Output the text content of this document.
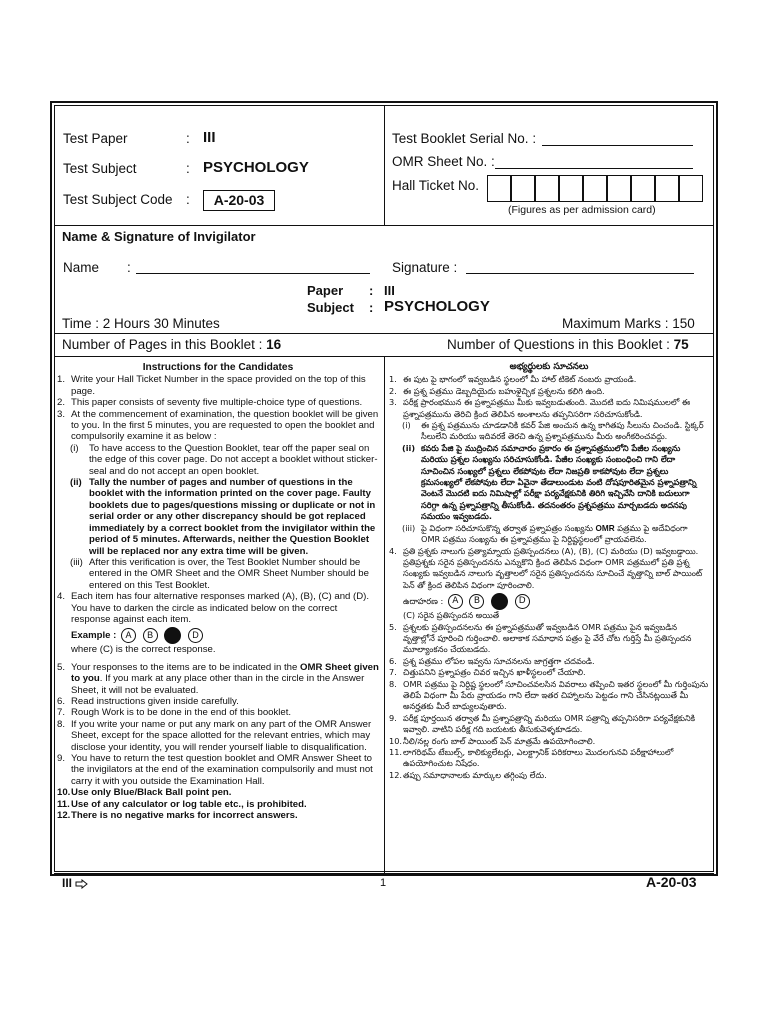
Test Paper	: III
Test Subject	: PSYCHOLOGY
Test Subject Code :	A-20-03
Test Booklet Serial No. :
OMR Sheet No. :
Hall Ticket No.
(Figures as per admission card)
Name & Signature of Invigilator
Name :	Signature :
Paper : III
Subject : PSYCHOLOGY
Time : 2 Hours 30 Minutes	Maximum Marks : 150
Number of Pages in this Booklet : 16	Number of Questions in this Booklet : 75
Instructions for the Candidates
1. Write your Hall Ticket Number in the space provided on the top of this page.
2. This paper consists of seventy five multiple-choice type of questions.
3. At the commencement of examination, the question booklet will be given to you. In the first 5 minutes, you are requested to open the booklet and compulsorily examine it as below :
(i) To have access to the Question Booklet, tear off the paper seal on the edge of this cover page. Do not accept a booklet without sticker-seal and do not accept an open booklet.
(ii) Tally the number of pages and number of questions in the booklet with the information printed on the cover page. Faulty booklets due to pages/questions missing or duplicate or not in serial order or any other discrepancy should be got replaced immediately by a correct booklet from the invigilator within the period of 5 minutes. Afterwards, neither the Question Booklet will be replaced nor any extra time will be given.
(iii) After this verification is over, the Test Booklet Number should be entered in the OMR Sheet and the OMR Sheet Number should be entered on this Test Booklet.
4. Each item has four alternative responses marked (A), (B), (C) and (D). You have to darken the circle as indicated below on the correct response against each item.
Example : A B	D
where (C) is the correct response.
5. Your responses to the items are to be indicated in the OMR Sheet given to you. If you mark at any place other than in the circle in the Answer Sheet, it will not be evaluated.
6. Read instructions given inside carefully.
7. Rough Work is to be done in the end of this booklet.
8. If you write your name or put any mark on any part of the OMR Answer Sheet, except for the space allotted for the relevant entries, which may disclose your identity, you will render yourself liable to disqualification.
9. You have to return the test question booklet and OMR Answer Sheet to the invigilators at the end of the examination compulsorily and must not carry it with you outside the Examination Hall.
10. Use only Blue/Black Ball point pen.
11. Use of any calculator or log table etc., is prohibited.
12. There is no negative marks for incorrect answers.
అభ్యర్థులకు సూచనలు
1. ఈ పుట పై భాగంలో ఇవ్వబడిన స్థలంలో మీ హాల్ టికెట్ నంబరు వ్రాయండి.
2. ఈ ప్రశ్న పత్రము డెబ్బదియైదు బహుళైచ్ఛిక ప్రశ్నలను కలిగి ఉంది.
3. పరీక్ష ప్రారంభమున ఈ ప్రశ్నాపత్రము మీకు ఇవ్వబడుతుంది. మొదటి ఐదు నిమిషములలో ఈ ప్రశ్నాపత్రమును తెరిచి క్రింద తెలిపిన అంశాలను తప్పనిసరిగా సరిచూసుకోండి.
(i) ఈ ప్రశ్న పత్రమును చూడడానికి కవర్ పేజి అంచున ఉన్న కాగితపు సీలును చించండి. స్టిక్కర్ సీలులేని మరియు ఇదివరకే తెరచి ఉన్న ప్రశ్నాపత్రమును మీరు అంగీకరించవద్దు.
(ii) కవరు పేజి పై ముద్రించిన సమాచారం ప్రకారం ఈ ప్రశ్నాపత్రములోని పేజీల సంఖ్యను మరియు ప్రశ్నల సంఖ్యను సరిచూసుకోండి. పేజీల సంఖ్యకు సంబంధించి గాని లేదా సూచించిన సంఖ్యలో ప్రశ్నలు లేకపోవుట లేదా నిజప్రతి కాకపోవుట లేదా ప్రశ్నలు క్రమసంఖ్యలో లేకపోవుట లేదా ఏవైనా తేడాలుండుట వంటి దోషపూరితమైన ప్రశ్నాపత్రాన్ని వెంటనే మొదటి ఐదు నిమిషాల్లో పరీక్షా పర్యవేక్షకునికి తిరిగి ఇచ్చివేసి దానికి బదులుగా సరిగ్గా ఉన్న ప్రశ్నాపత్రాన్ని తీసుకోండి. తదనంతరం ప్రశ్నపత్రము మార్చబడదు అదనపు సమయం ఇవ్వబడదు.
(iii) పై విధంగా సరిచూసుకొన్న తర్వాత ప్రశ్నాపత్రం సంఖ్యను OMR పత్రము పై అదేవిధంగా OMR పత్రము సంఖ్యను ఈ ప్రశ్నాపత్రము పై నిర్దిష్టస్థలంలో వ్రాయవలెను.
4. ప్రతి ప్రశ్నకు నాలుగు ప్రత్యామ్నాయ ప్రతిస్పందనలు (A), (B), (C) మరియు (D) ఇవ్వబడ్డాయి. ప్రతిప్రశ్నకు సరైన ప్రతిస్పందనను ఎన్నుకొని క్రింద తెలిపిన విధంగా OMR పత్రములో ప్రతి ప్రశ్న సంఖ్యకు ఇవ్వబడిన నాలుగు వృత్తాలలో సరైన ప్రతిస్పందనను సూచించే వృత్తాన్ని బాల్ పాయింట్ పెన్ తో క్రింద తెలిపిన విధంగా పూరించాలి.
ఉదాహరణ : A B	D
(C) సరైన ప్రతిస్పందన అయితే
5. ప్రశ్నలకు ప్రతిస్పందనలను ఈ ప్రశ్నాపత్రముతో ఇవ్వబడిన OMR పత్రము పైన ఇవ్వబడిన వృత్తాల్లోనే పూరించి గుర్తించాలి. అలాకాక సమాధాన పత్రం పై వేరే చోట గుర్తిస్తే మీ ప్రతిస్పందన మూల్యాంకనం చేయబడదు.
6. ప్రశ్న పత్రము లోపల ఇవ్వను సూచనలను జాగ్రత్తగా చదవండి.
7. చిత్తుపనిని ప్రశ్నాపత్రం చివర ఇచ్చిన ఖాళీస్థలంలో చేయాలి.
8. OMR పత్రము పై నిర్దిష్ట స్థలంలో సూచించవలసిన వివరాలు తప్పించి ఇతర స్థలంలో మీ గుర్తింపును తెలిపే విధంగా మీ పేరు వ్రాయడం గాని లేదా ఇతర చిహ్నాలను పెట్టడం గాని చేసినట్లయితే మీ అనర్హతకు మీరే బాధ్యులవుతారు.
9. పరీక్ష పూర్తయిన తర్వాత మీ ప్రశ్నాపత్రాన్ని మరియు OMR పత్రాన్ని తప్పనిసరిగా పర్యవేక్షకునికి ఇవ్వాలి. వాటిని పరీక్ష గది బయటకు తీసుకువెళ్ళకూడదు.
10. నీలి/నల్ల రంగు బాల్ పాయింట్ పెన్ మాత్రమే ఉపయోగించాలి.
11. లాగరిథమ్ టేబుల్స్, కాలిక్యులేటర్లు, ఎలక్ట్రానిక్ పరికరాలు మొదలగునవి పరీక్షాహాలులో ఉపయోగించుట నిషేధం.
12. తప్పు సమాధానాలకు మార్కుల తగ్గింపు లేదు.
III	1	A-20-03
